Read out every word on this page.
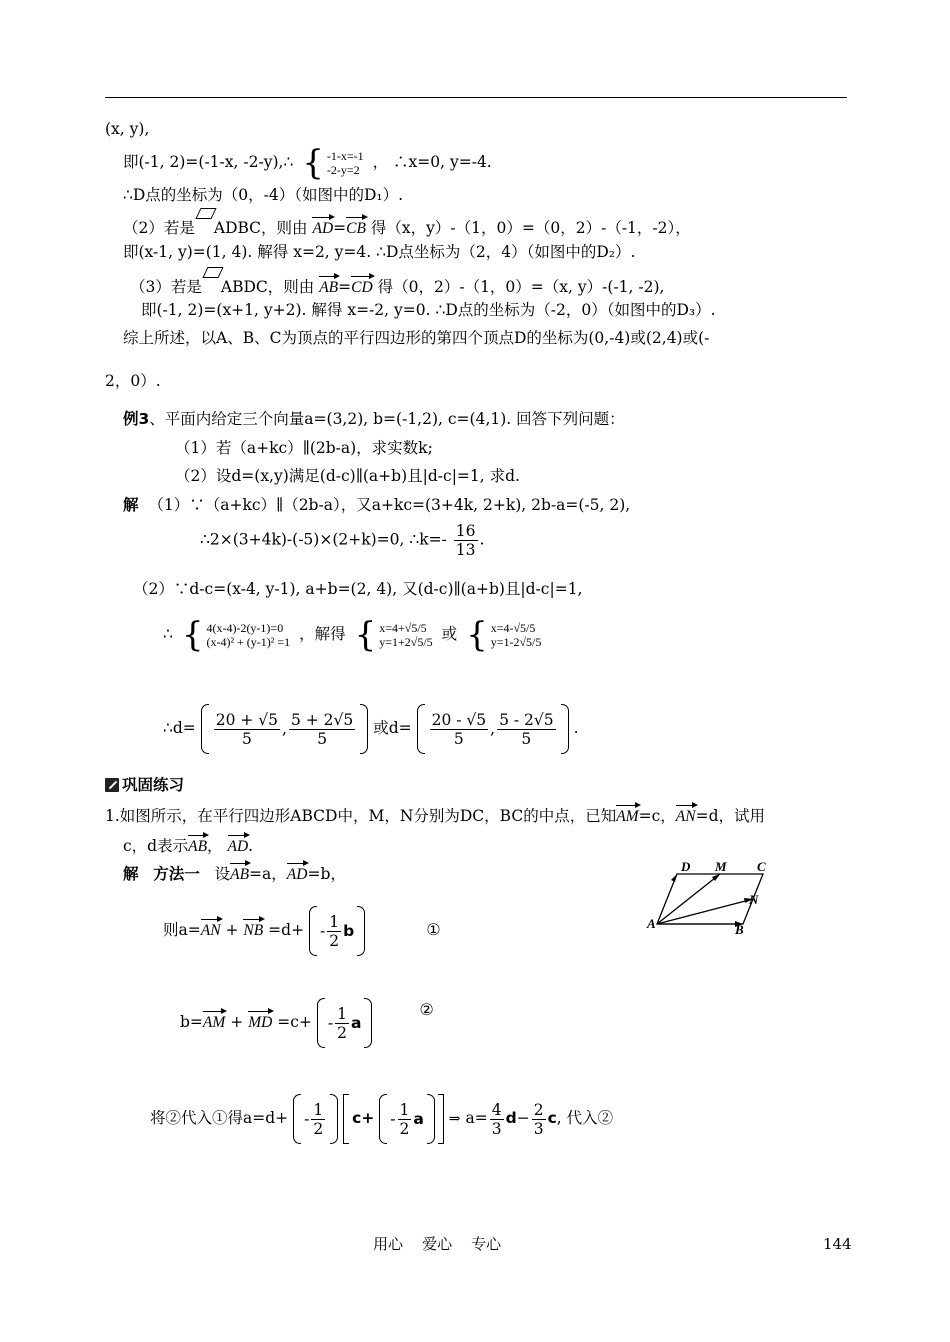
(x, y),
即(-1, 2)=(-1-x, -2-y),∴ { -1-x=-1
-2-y=2 ， ∴x=0, y=-4.
∴D点的坐标为（0，-4）（如图中的D₁）.
（2）若是 ADBC，则由 AD=CB 得（x，y）-（1，0）=（0，2）-（-1，-2），
即(x-1, y)=(1, 4). 解得 x=2, y=4. ∴D点坐标为（2，4）（如图中的D₂）.
（3）若是 ABDC，则由 AB=CD 得（0，2）-（1，0）=（x, y）-(-1, -2),
即(-1, 2)=(x+1, y+2). 解得 x=-2, y=0. ∴D点的坐标为（-2，0）（如图中的D₃）.
综上所述，以A、B、C为顶点的平行四边形的第四个顶点D的坐标为(0,-4)或(2,4)或(-
2，0）.
例3、平面内给定三个向量a=(3,2), b=(-1,2), c=(4,1). 回答下列问题：
（1）若（a+kc）∥(2b-a)，求实数k;
（2）设d=(x,y)满足(d-c)∥(a+b)且|d-c|=1, 求d.
解 （1）∵（a+kc）∥（2b-a），又a+kc=(3+4k, 2+k), 2b-a=(-5, 2),
∴2×(3+4k)-(-5)×(2+k)=0, ∴k=- $\frac{16}{13}$ .
（2）∵d-c=(x-4, y-1), a+b=(2, 4), 又(d-c)∥(a+b)且|d-c|=1,
∴ { 4(x-4)-2(y-1)=0
(x-4)² + (y-1)² =1 ，解得 { x=4+√5/5
y=1+2√5/5 或 { x=4-√5/5
y=1-2√5/5
∴d= $\frac{20 + √5}{5}$ , $\frac{5 + 2√5}{5}$ 或$d= \frac{20 - √5}{5}$ , $\frac{5 - 2√5}{5}$ .
巩固练习
1.如图所示，在平行四边形ABCD中，M，N分别为DC，BC的中点，已知AM=c，AN=d，试用
c，d表示AB， AD.
解 方法一 设AB=a，AD=b，
则a=AN + NB $=d+ - \frac{1}{2}$ b	①
b=AM + MD $=c+ - \frac{1}{2}$ a
②
将②代入①得$a=d+ - \frac{1}{2} c+ - \frac{1}{2}$ a ⇒ $a= \frac{4}{3} d- \frac{2}{3} c$, 代入②
D M C
N
A	B
用心    爱心    专心	144
